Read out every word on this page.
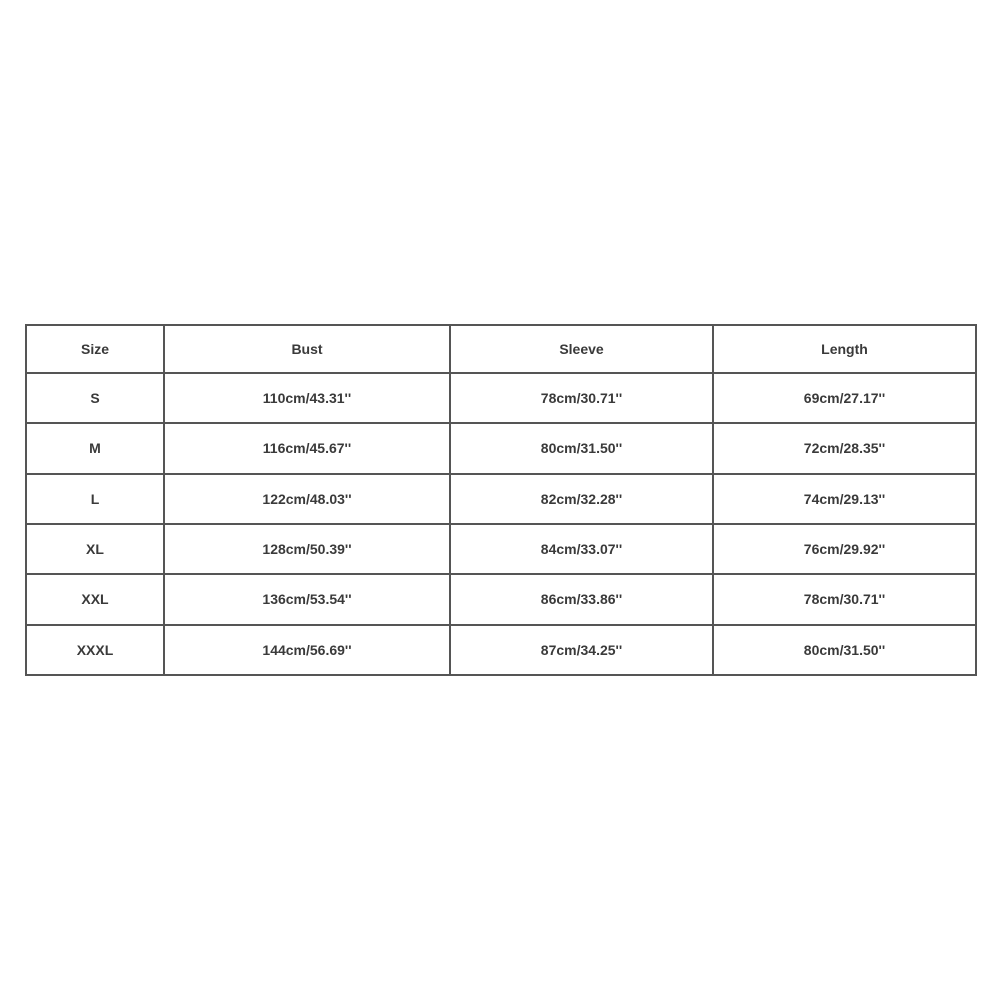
Size	Bust	Sleeve	Length
S	110cm/43.31''	78cm/30.71''	69cm/27.17''
M	116cm/45.67''	80cm/31.50''	72cm/28.35''
L	122cm/48.03''	82cm/32.28''	74cm/29.13''
XL	128cm/50.39''	84cm/33.07''	76cm/29.92''
XXL	136cm/53.54''	86cm/33.86''	78cm/30.71''
XXXL	144cm/56.69''	87cm/34.25''	80cm/31.50''
